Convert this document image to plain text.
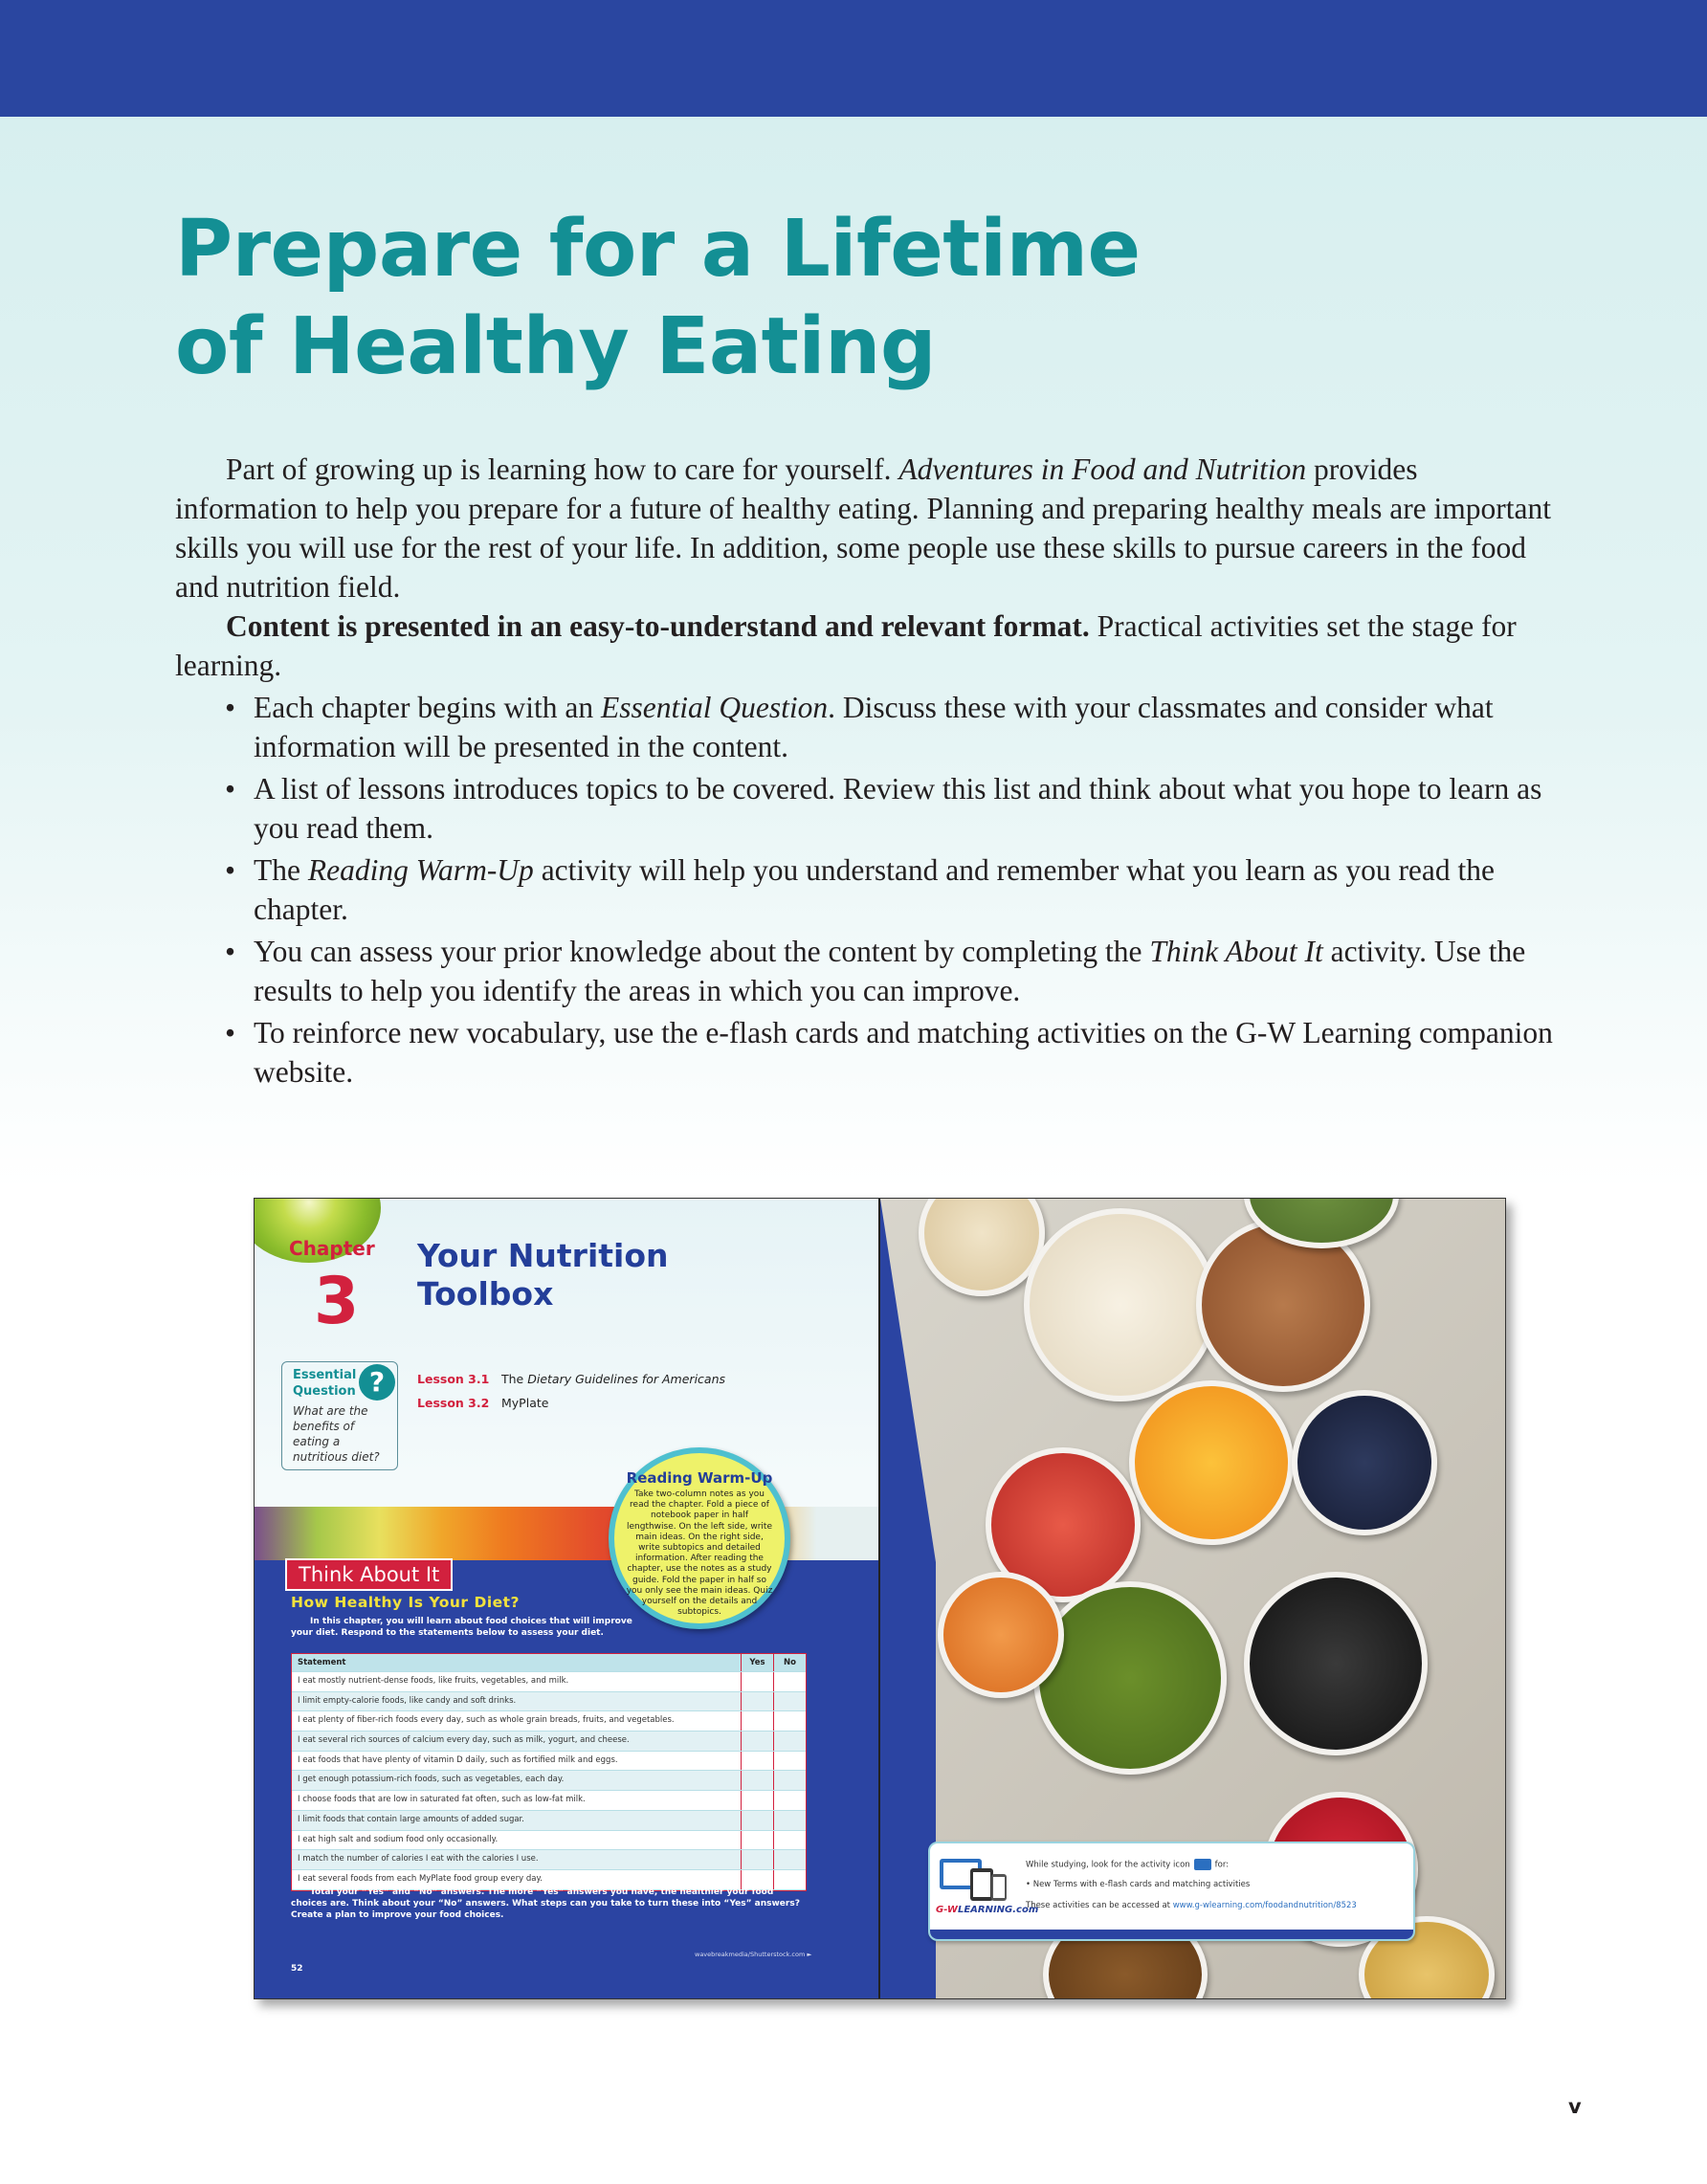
Prepare for a Lifetime
of Healthy Eating

Part of growing up is learning how to care for yourself. Adventures in Food and Nutrition provides information to help you prepare for a future of healthy eating. Planning and preparing healthy meals are important skills you will use for the rest of your life. In addition, some people use these skills to pursue careers in the food and nutrition field.

Content is presented in an easy-to-understand and relevant format. Practical activities set the stage for learning.

• Each chapter begins with an Essential Question. Discuss these with your classmates and consider what information will be presented in the content.
• A list of lessons introduces topics to be covered. Review this list and think about what you hope to learn as you read them.
• The Reading Warm-Up activity will help you understand and remember what you learn as you read the chapter.
• You can assess your prior knowledge about the content by completing the Think About It activity. Use the results to help you identify the areas in which you can improve.
• To reinforce new vocabulary, use the e-flash cards and matching activities on the G-W Learning companion website.
Chapter
3
Your Nutrition Toolbox
Essential Question ?
What are the benefits of eating a nutritious diet?
Lesson 3.1 The Dietary Guidelines for Americans
Lesson 3.2 MyPlate
Think About It
How Healthy Is Your Diet?
In this chapter, you will learn about food choices that will improve your diet. Respond to the statements below to assess your diet.
Statement	Yes	No
I eat mostly nutrient-dense foods, like fruits, vegetables, and milk.
I limit empty-calorie foods, like candy and soft drinks.
I eat plenty of fiber-rich foods every day, such as whole grain breads, fruits, and vegetables.
I eat several rich sources of calcium every day, such as milk, yogurt, and cheese.
I eat foods that have plenty of vitamin D daily, such as fortified milk and eggs.
I get enough potassium-rich foods, such as vegetables, each day.
I choose foods that are low in saturated fat often, such as low-fat milk.
I limit foods that contain large amounts of added sugar.
I eat high salt and sodium food only occasionally.
I match the number of calories I eat with the calories I use.
I eat several foods from each MyPlate food group every day.
Total your “Yes” and “No” answers. The more “Yes” answers you have, the healthier your food choices are. Think about your “No” answers. What steps can you take to turn these into “Yes” answers? Create a plan to improve your food choices.
wavebreakmedia/Shutterstock.com ►
52
Reading Warm-Up
Take two-column notes as you read the chapter. Fold a piece of notebook paper in half lengthwise. On the left side, write main ideas. On the right side, write subtopics and detailed information. After reading the chapter, use the notes as a study guide. Fold the paper in half so you only see the main ideas. Quiz yourself on the details and subtopics.
G-WLEARNING.com
While studying, look for the activity icon	for:
• New Terms with e-flash cards and matching activities
These activities can be accessed at www.g-wlearning.com/foodandnutrition/8523
v
